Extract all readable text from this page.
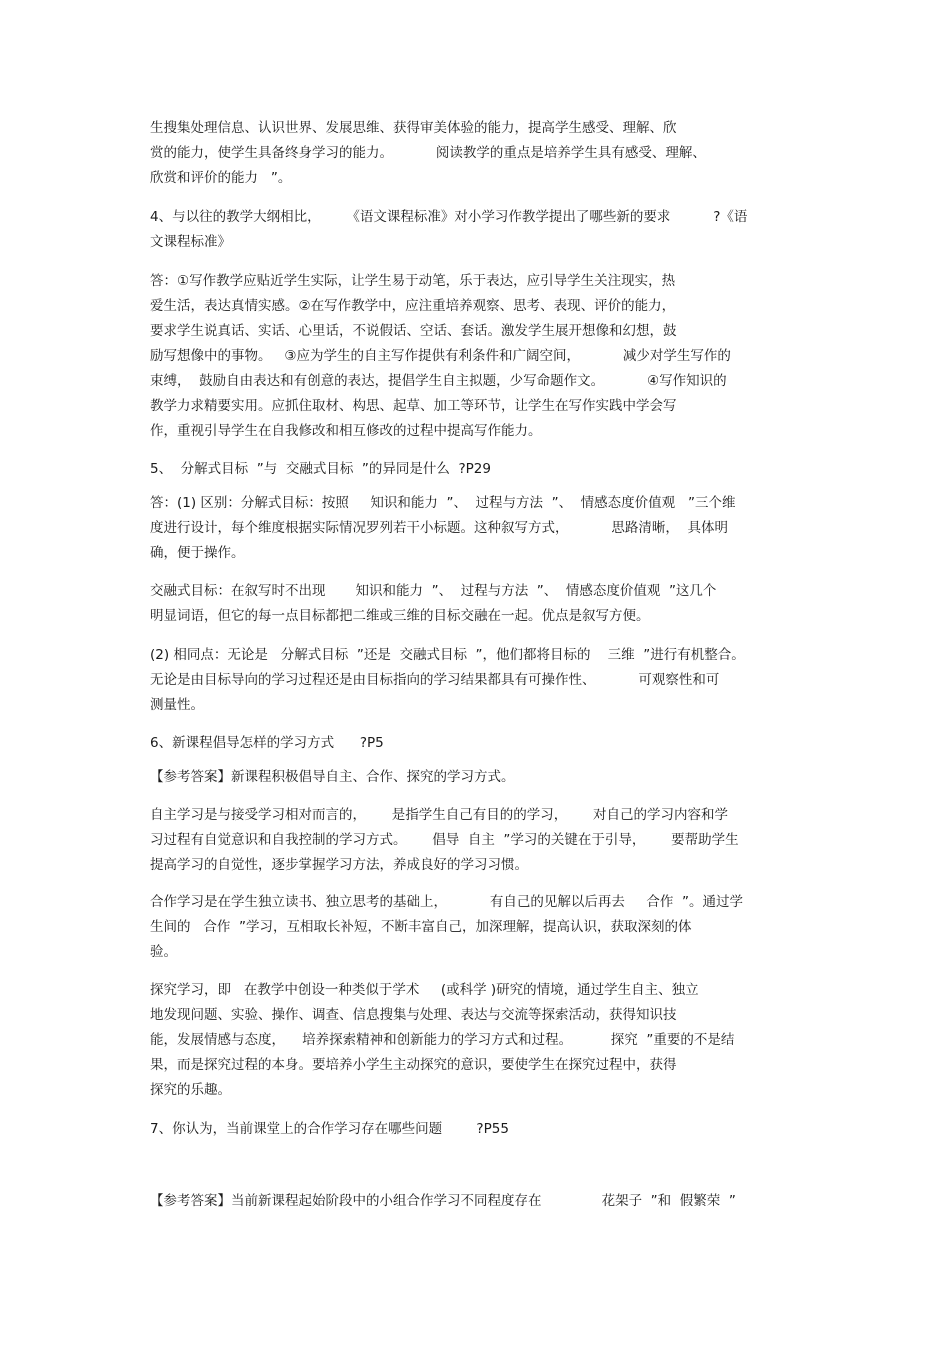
生搜集处理信息、认识世界、发展思维、获得审美体验的能力，提高学生感受、理解、欣
赏的能力，使学生具备终身学习的能力。          阅读教学的重点是培养学生具有感受、理解、
欣赏和评价的能力   ”。
4、与以往的教学大纲相比，      《语文课程标准》对小学习作教学提出了哪些新的要求          ?《语
文课程标准》
答：①写作教学应贴近学生实际，让学生易于动笔，乐于表达，应引导学生关注现实，热
爱生活，表达真情实感。②在写作教学中，应注重培养观察、思考、表现、评价的能力，
要求学生说真话、实话、心里话，不说假话、空话、套话。激发学生展开想像和幻想，鼓
励写想像中的事物。   ③应为学生的自主写作提供有利条件和广阔空间，          减少对学生写作的
束缚，  鼓励自由表达和有创意的表达，提倡学生自主拟题，少写命题作文。          ④写作知识的
教学力求精要实用。应抓住取材、构思、起草、加工等环节，让学生在写作实践中学会写
作，重视引导学生在自我修改和相互修改的过程中提高写作能力。
5、  分解式目标  ”与  交融式目标  ”的异同是什么  ?P29
答：(1) 区别：分解式目标：按照     知识和能力  ”、  过程与方法  ”、  情感态度价值观   ”三个维
度进行设计，每个维度根据实际情况罗列若干小标题。这种叙写方式，          思路清晰，  具体明
确，便于操作。
交融式目标：在叙写时不出现       知识和能力  ”、  过程与方法  ”、  情感态度价值观  ”这几个
明显词语，但它的每一点目标都把二维或三维的目标交融在一起。优点是叙写方便。
(2) 相同点：无论是   分解式目标  ”还是  交融式目标  ”，他们都将目标的    三维  ”进行有机整合。
无论是由目标导向的学习过程还是由目标指向的学习结果都具有可操作性、          可观察性和可
测量性。
6、新课程倡导怎样的学习方式      ?P5
【参考答案】新课程积极倡导自主、合作、探究的学习方式。
自主学习是与接受学习相对而言的，      是指学生自己有目的的学习，      对自己的学习内容和学
习过程有自觉意识和自我控制的学习方式。      倡导  自主  ”学习的关键在于引导，      要帮助学生
提高学习的自觉性，逐步掌握学习方法，养成良好的学习习惯。
合作学习是在学生独立读书、独立思考的基础上，          有自己的见解以后再去     合作  ”。通过学
生间的   合作  ”学习，互相取长补短，不断丰富自己，加深理解，提高认识，获取深刻的体
验。
探究学习，即   在教学中创设一种类似于学术     (或科学 )研究的情境，通过学生自主、独立
地发现问题、实验、操作、调查、信息搜集与处理、表达与交流等探索活动，获得知识技
能，发展情感与态度，    培养探索精神和创新能力的学习方式和过程。         探究  ”重要的不是结
果，而是探究过程的本身。要培养小学生主动探究的意识，要使学生在探究过程中，获得
探究的乐趣。
7、你认为，当前课堂上的合作学习存在哪些问题        ?P55
【参考答案】当前新课程起始阶段中的小组合作学习不同程度存在              花架子  ”和  假繁荣  ”
